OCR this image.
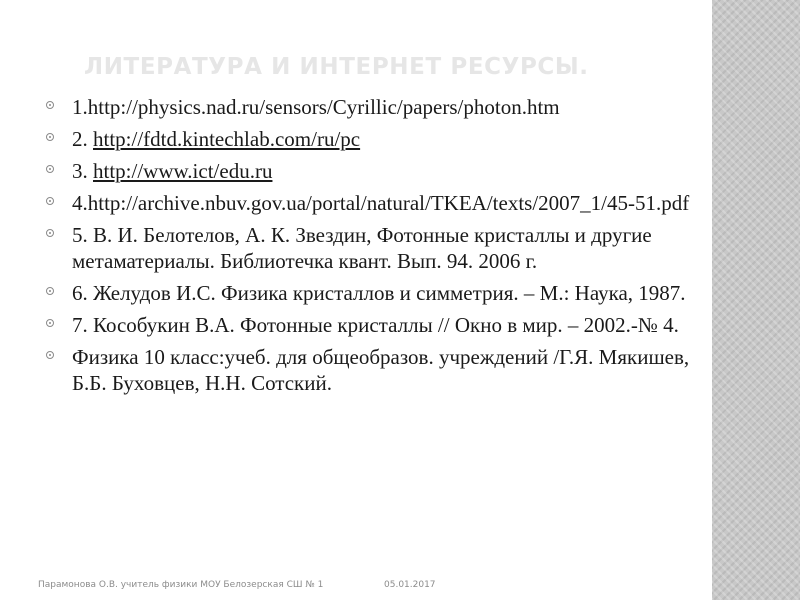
ЛИТЕРАТУРА И ИНТЕРНЕТ РЕСУРСЫ.
1.http://physics.nad.ru/sensors/Cyrillic/papers/photon.htm
2. http://fdtd.kintechlab.com/ru/pc
3. http://www.ict/edu.ru
4.http://archive.nbuv.gov.ua/portal/natural/TKEA/texts/2007_1/45-51.pdf
5. В. И. Белотелов, А. К. Звездин, Фотонные кристаллы и другие метаматериалы. Библиотечка квант. Вып. 94. 2006 г.
6. Желудов И.С. Физика кристаллов и симметрия. – М.: Наука, 1987.
7. Кособукин В.А. Фотонные кристаллы // Окно в мир. – 2002.-№ 4.
Физика 10 класс:учеб. для общеобразов. учреждений /Г.Я. Мякишев, Б.Б. Буховцев, Н.Н. Сотский.
Парамонова О.В. учитель физики МОУ Белозерская СШ № 1	05.01.2017
